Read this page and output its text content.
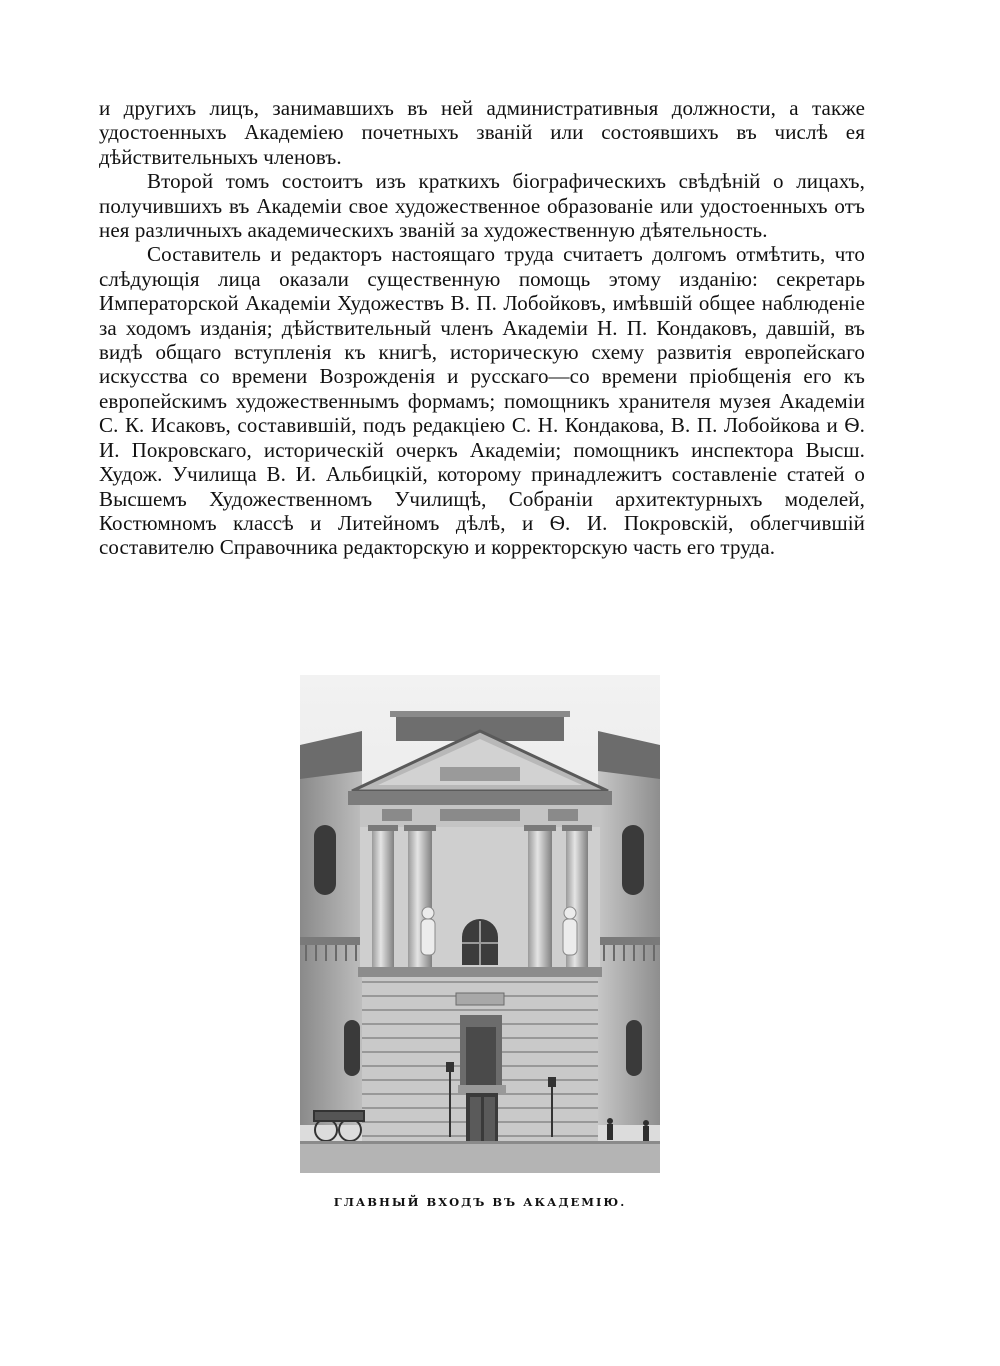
и другихъ лицъ, занимавшихъ въ ней административныя должности, а также удостоенныхъ Академіею почетныхъ званій или состоявшихъ въ числѣ ея дѣйствительныхъ членовъ.

Второй томъ состоитъ изъ краткихъ біографическихъ свѣдѣній о лицахъ, получившихъ въ Академіи свое художественное образованіе или удостоенныхъ отъ нея различныхъ академическихъ званій за художественную дѣятельность.

Составитель и редакторъ настоящаго труда считаетъ долгомъ отмѣтить, что слѣдующія лица оказали существенную помощь этому изданію: секретарь Императорской Академіи Художествъ В. П. Лобойковъ, имѣвшій общее наблюденіе за ходомъ изданія; дѣйствительный членъ Академіи Н. П. Кондаковъ, давшій, въ видѣ общаго вступленія къ книгѣ, историческую схему развитія европейскаго искусства со времени Возрожденія и русскаго—со времени пріобщенія его къ европейскимъ художественнымъ формамъ; помощникъ хранителя музея Академіи С. К. Исаковъ, составившій, подъ редакціею С. Н. Кондакова, В. П. Лобойкова и Ѳ. И. Покровскаго, историческій очеркъ Академіи; помощникъ инспектора Высш. Худож. Училища В. И. Альбицкій, которому принадлежитъ составленіе статей о Высшемъ Художественномъ Училищѣ, Собраніи архитектурныхъ моделей, Костюмномъ классѣ и Литейномъ дѣлѣ, и Ѳ. И. Покровскій, облегчившій составителю Справочника редакторскую и корректорскую часть его труда.

ГЛАВНЫЙ ВХОДЪ ВЪ АКАДЕМІЮ.
